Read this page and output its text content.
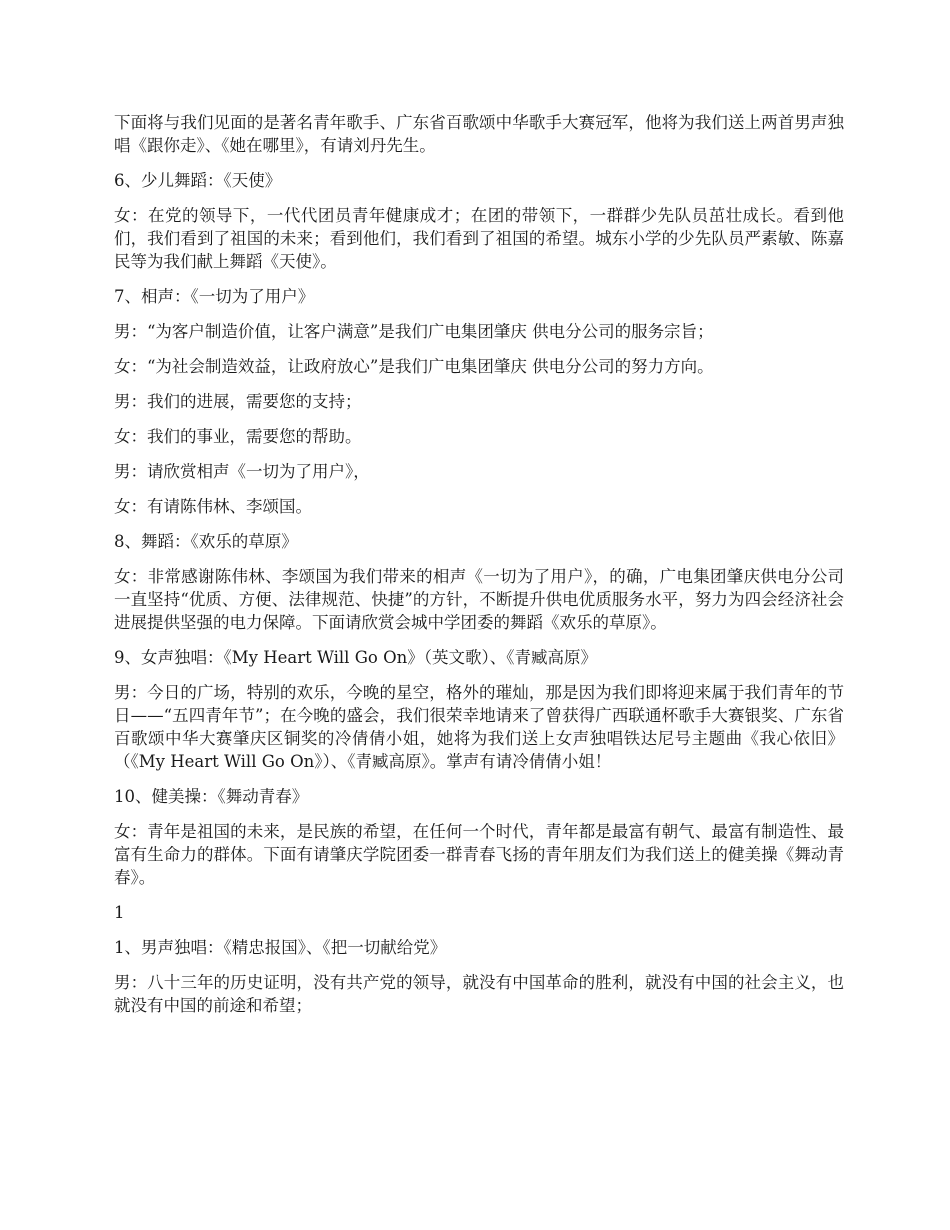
下面将与我们见面的是著名青年歌手、广东省百歌颂中华歌手大赛冠军，他将为我们送上两首男声独唱《跟你走》、《她在哪里》，有请刘丹先生。

6、少儿舞蹈：《天使》

女：在党的领导下，一代代团员青年健康成才；在团的带领下，一群群少先队员茁壮成长。看到他们，我们看到了祖国的未来；看到他们，我们看到了祖国的希望。城东小学的少先队员严素敏、陈嘉民等为我们献上舞蹈《天使》。

7、相声：《一切为了用户》

男：“为客户制造价值，让客户满意”是我们广电集团肇庆 供电分公司的服务宗旨；

女：“为社会制造效益，让政府放心”是我们广电集团肇庆 供电分公司的努力方向。

男：我们的进展，需要您的支持；

女：我们的事业，需要您的帮助。

男：请欣赏相声《一切为了用户》，

女：有请陈伟林、李颂国。

8、舞蹈：《欢乐的草原》

女：非常感谢陈伟林、李颂国为我们带来的相声《一切为了用户》，的确，广电集团肇庆供电分公司一直坚持“优质、方便、法律规范、快捷”的方针，不断提升供电优质服务水平，努力为四会经济社会进展提供坚强的电力保障。下面请欣赏会城中学团委的舞蹈《欢乐的草原》。

9、女声独唱：《My Heart Will Go On》（英文歌）、《青臧高原》

男：今日的广场，特别的欢乐，今晚的星空，格外的璀灿，那是因为我们即将迎来属于我们青年的节日——“五四青年节”；在今晚的盛会，我们很荣幸地请来了曾获得广西联通杯歌手大赛银奖、广东省百歌颂中华大赛肇庆区铜奖的冷倩倩小姐，她将为我们送上女声独唱铁达尼号主题曲《我心依旧》（《My Heart Will Go On》）、《青臧高原》。掌声有请冷倩倩小姐！

10、健美操：《舞动青春》

女：青年是祖国的未来，是民族的希望，在任何一个时代，青年都是最富有朝气、最富有制造性、最富有生命力的群体。下面有请肇庆学院团委一群青春飞扬的青年朋友们为我们送上的健美操《舞动青春》。

1

1、男声独唱：《精忠报国》、《把一切献给党》

男：八十三年的历史证明，没有共产党的领导，就没有中国革命的胜利，就没有中国的社会主义，也就没有中国的前途和希望；
